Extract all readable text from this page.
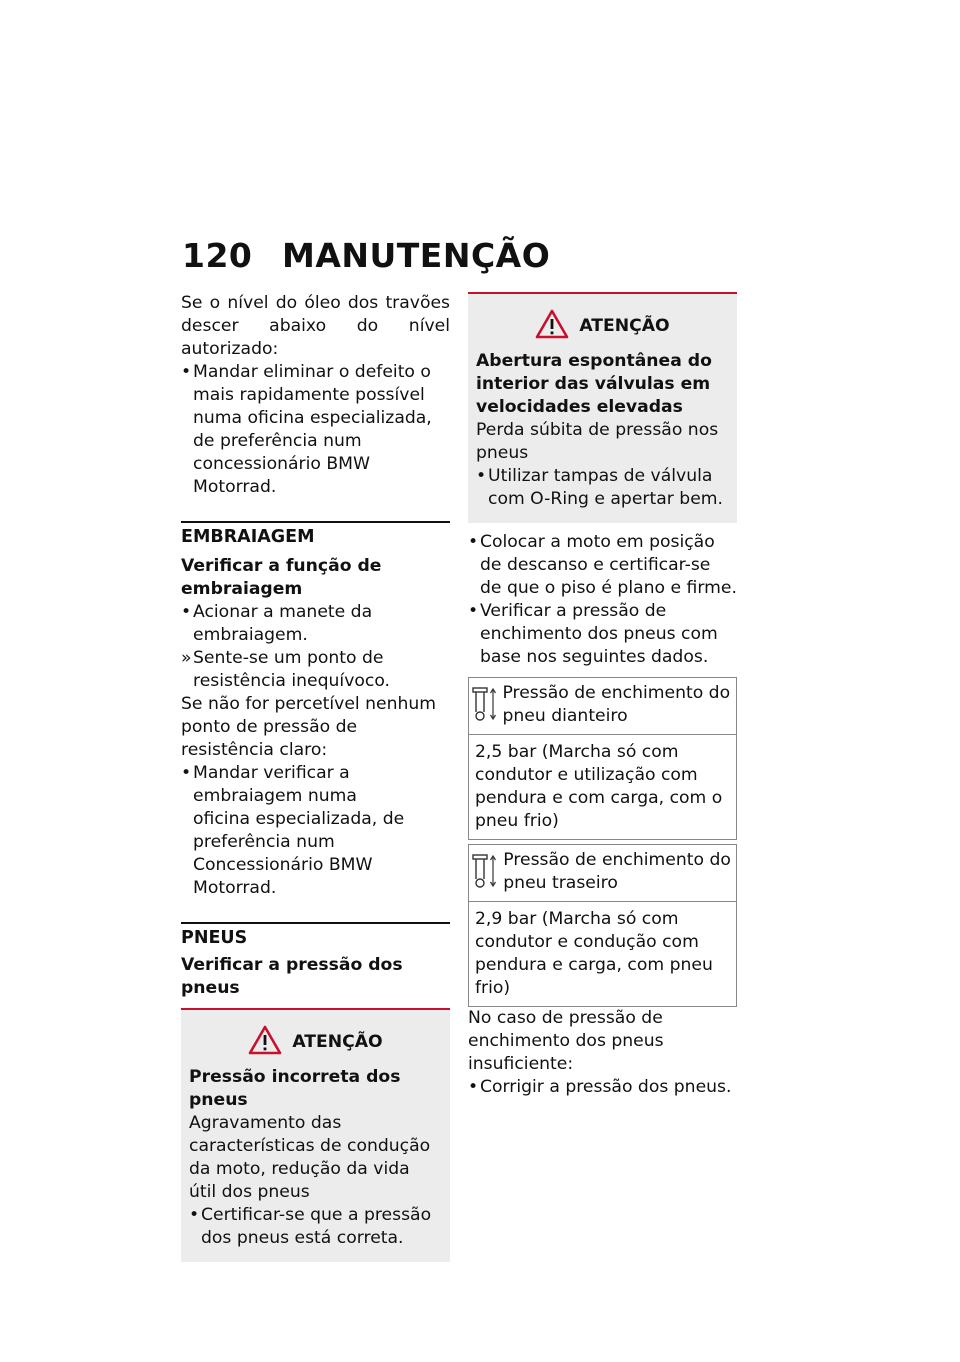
120 MANUTENÇÃO

Se o nível do óleo dos travões descer abaixo do nível autorizado:

• Mandar eliminar o defeito o mais rapidamente possível numa oficina especializada, de preferência num concessionário BMW Motorrad.
EMBRAIAGEM
Verificar a função de embraiagem
• Acionar a manete da embraiagem.
» Sente-se um ponto de resistência inequívoco.

Se não for percetível nenhum ponto de pressão de resistência claro:

• Mandar verificar a embraiagem numa oficina especializada, de preferência num Concessionário BMW Motorrad.
PNEUS
Verificar a pressão dos pneus
ATENÇÃO
Pressão incorreta dos pneus

Agravamento das características de condução da moto, redução da vida útil dos pneus

• Certificar-se que a pressão dos pneus está correta.
ATENÇÃO
Abertura espontânea do interior das válvulas em velocidades elevadas

Perda súbita de pressão nos pneus

• Utilizar tampas de válvula com O-Ring e apertar bem.
• Colocar a moto em posição de descanso e certificar-se de que o piso é plano e firme.
• Verificar a pressão de enchimento dos pneus com base nos seguintes dados.
Pressão de enchimento do pneu dianteiro
2,5 bar (Marcha só com condutor e utilização com pendura e com carga, com o pneu frio)
Pressão de enchimento do pneu traseiro
2,9 bar (Marcha só com condutor e condução com pendura e carga, com pneu frio)

No caso de pressão de enchimento dos pneus insuficiente:

• Corrigir a pressão dos pneus.
